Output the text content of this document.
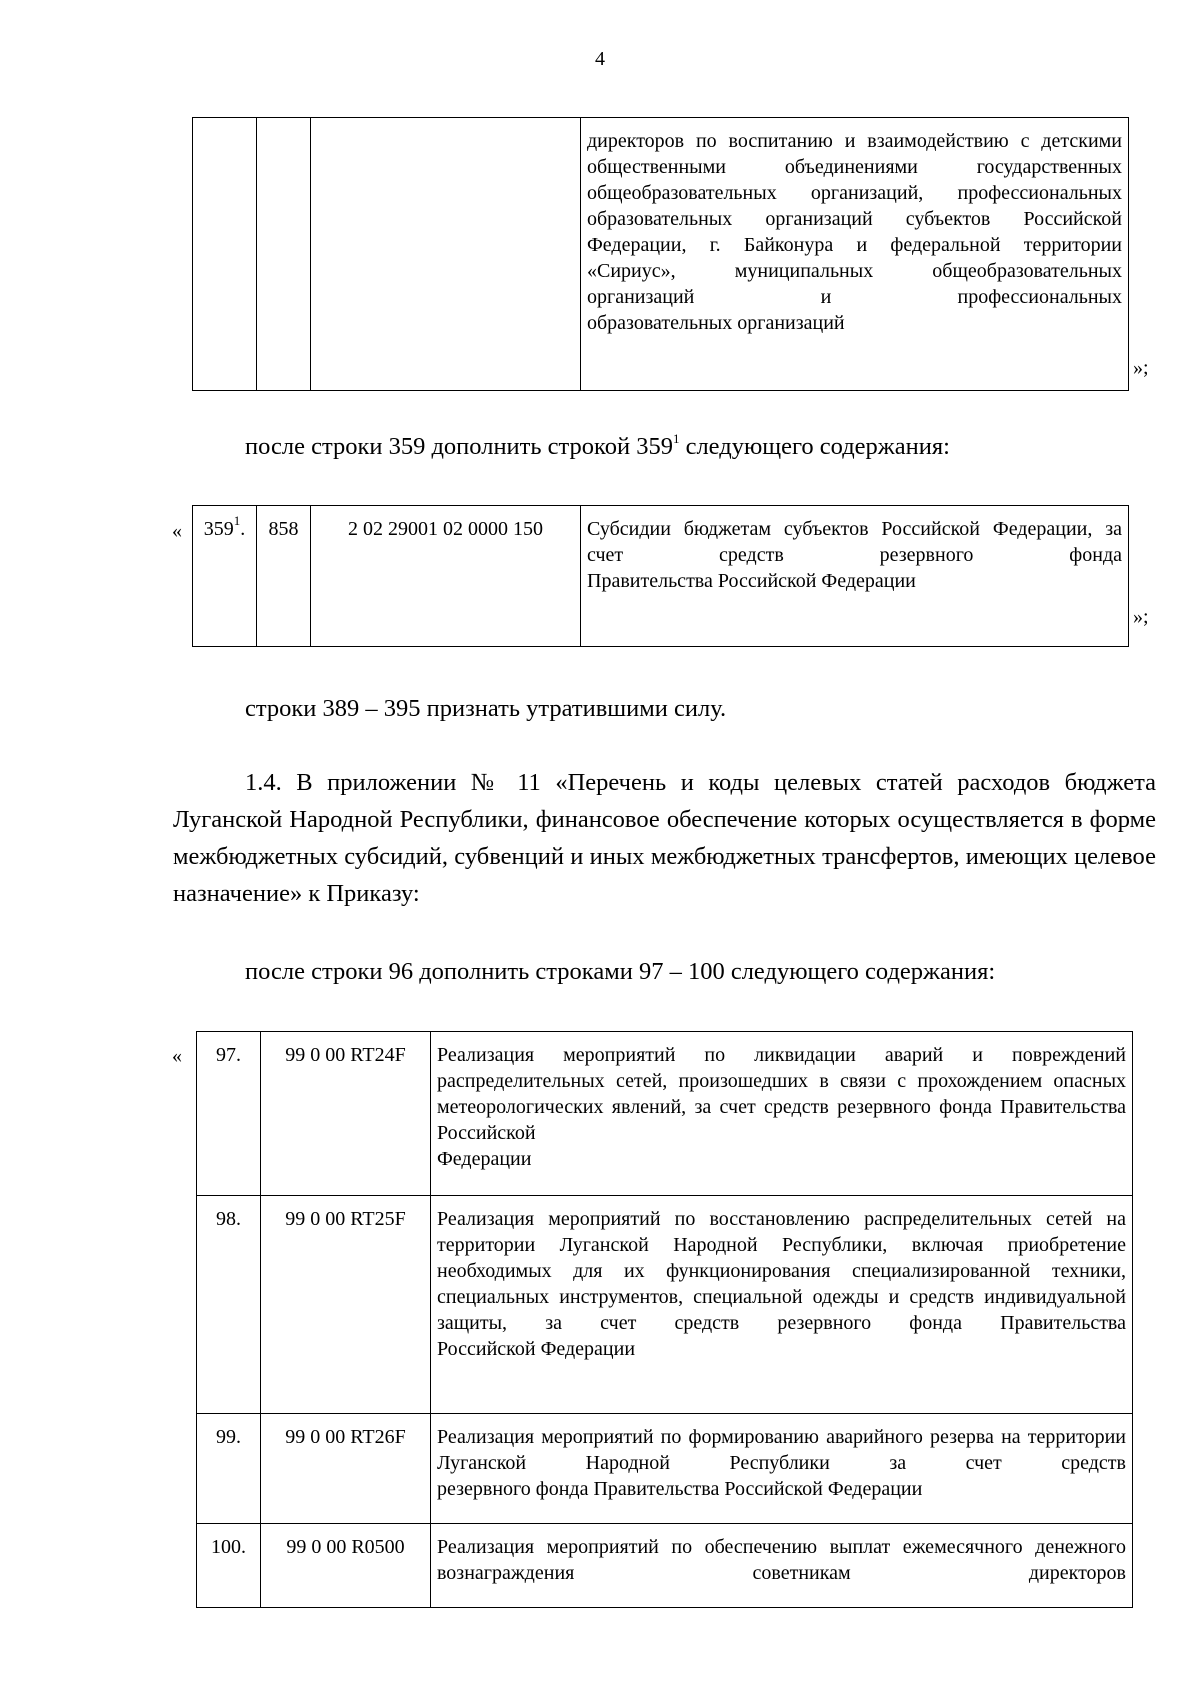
4
			директоров по воспитанию и взаимодействию с детскими общественными объединениями	государственных общеобразовательных организаций, профессиональных образовательных организаций субъектов Российской Федерации, г. Байконура и федеральной территории «Сириус», муниципальных общеобразовательных организаций и профессиональных
образовательных организаций
»;
после строки 359 дополнить строкой $359^1$ следующего содержания:
« $359^1$.	858	2 02 29001 02 0000 150	Субсидии бюджетам субъектов Российской Федерации, за счет средств резервного фонда
Правительства Российской Федерации
»;
строки 389 – 395 признать утратившими силу.
1.4. В приложении № 11 «Перечень и коды целевых статей расходов бюджета Луганской Народной Республики, финансовое обеспечение которых осуществляется в форме межбюджетных субсидий, субвенций и иных межбюджетных трансфертов, имеющих целевое назначение» к Приказу:
после строки 96 дополнить строками 97 – 100 следующего содержания:
« 97.	99 0 00 RT24F	Реализация мероприятий по ликвидации аварий и повреждений распределительных сетей, произошедших в связи с прохождением опасных метеорологических явлений, за счет средств резервного фонда Правительства Российской
Федерации

98.	99 0 00 RT25F	Реализация мероприятий по восстановлению распределительных сетей на территории Луганской Народной Республики, включая приобретение необходимых для их функционирования специализированной техники, специальных инструментов, специальной одежды и средств индивидуальной защиты, за счет средств резервного фонда Правительства
Российской Федерации

99.	99 0 00 RT26F	Реализация мероприятий по формированию аварийного резерва на территории Луганской Народной Республики за счет средств
резервного фонда Правительства Российской Федерации

100.	99 0 00 R0500	Реализация мероприятий по обеспечению выплат ежемесячного денежного вознаграждения советникам директоров
